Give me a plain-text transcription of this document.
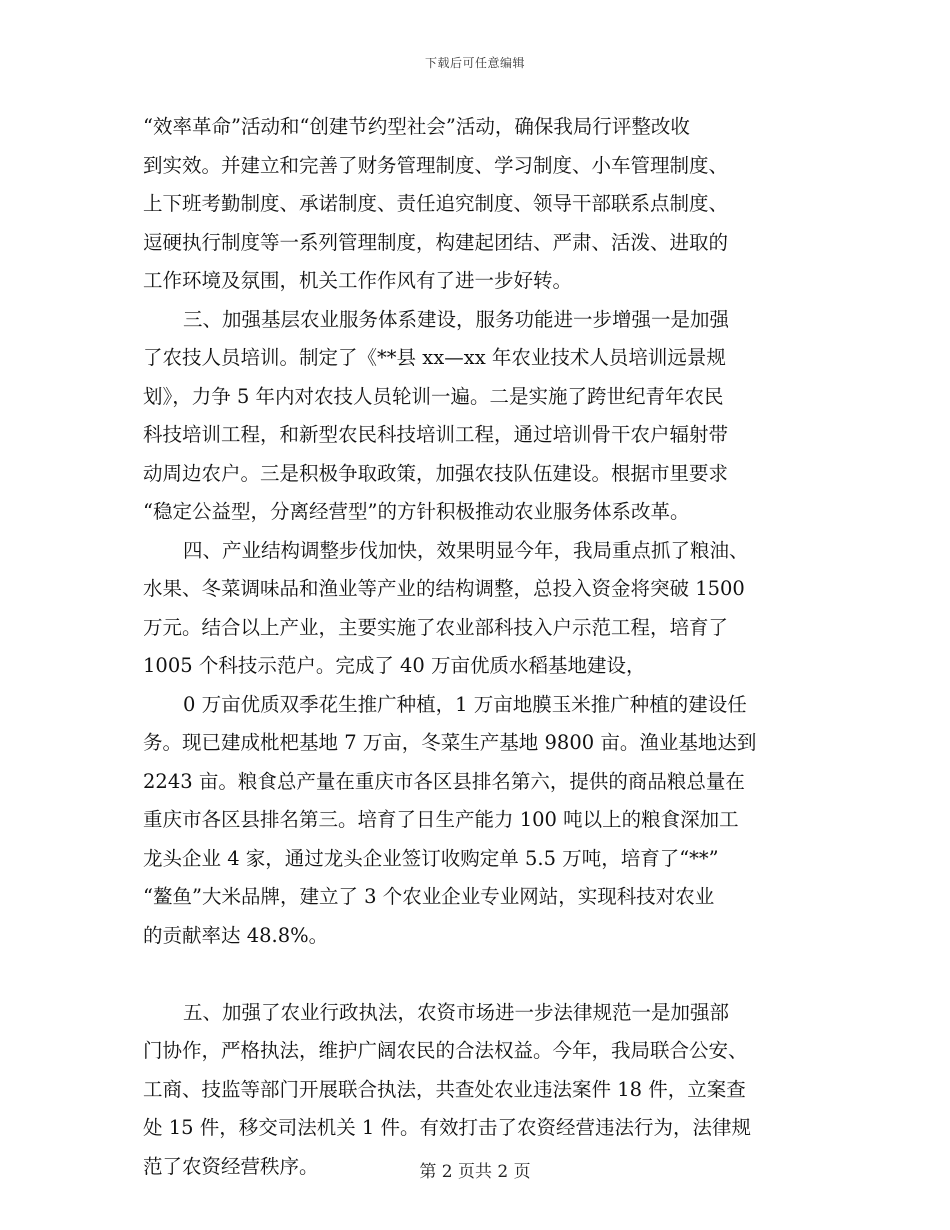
下载后可任意编辑
“效率革命”活动和“创建节约型社会”活动，确保我局行评整改收
到实效。并建立和完善了财务管理制度、学习制度、小车管理制度、
上下班考勤制度、承诺制度、责任追究制度、领导干部联系点制度、
逗硬执行制度等一系列管理制度，构建起团结、严肃、活泼、进取的
工作环境及氛围，机关工作作风有了进一步好转。
三、加强基层农业服务体系建设，服务功能进一步增强一是加强
了农技人员培训。制定了《**县 xx—xx 年农业技术人员培训远景规
划》，力争 5 年内对农技人员轮训一遍。二是实施了跨世纪青年农民
科技培训工程，和新型农民科技培训工程，通过培训骨干农户辐射带
动周边农户。三是积极争取政策，加强农技队伍建设。根据市里要求
“稳定公益型，分离经营型”的方针积极推动农业服务体系改革。
四、产业结构调整步伐加快，效果明显今年，我局重点抓了粮油、
水果、冬菜调味品和渔业等产业的结构调整，总投入资金将突破 1500
万元。结合以上产业，主要实施了农业部科技入户示范工程，培育了
1005 个科技示范户。完成了 40 万亩优质水稻基地建设，
0 万亩优质双季花生推广种植，1 万亩地膜玉米推广种植的建设任
务。现已建成枇杷基地 7 万亩，冬菜生产基地 9800 亩。渔业基地达到
2243 亩。粮食总产量在重庆市各区县排名第六，提供的商品粮总量在
重庆市各区县排名第三。培育了日生产能力 100 吨以上的粮食深加工
龙头企业 4 家，通过龙头企业签订收购定单 5.5 万吨，培育了“**”
“鳌鱼”大米品牌，建立了 3 个农业企业专业网站，实现科技对农业
的贡献率达 48.8%。
五、加强了农业行政执法，农资市场进一步法律规范一是加强部
门协作，严格执法，维护广阔农民的合法权益。今年，我局联合公安、
工商、技监等部门开展联合执法，共查处农业违法案件 18 件，立案查
处 15 件，移交司法机关 1 件。有效打击了农资经营违法行为，法律规
范了农资经营秩序。	第 2 页共 2 页
